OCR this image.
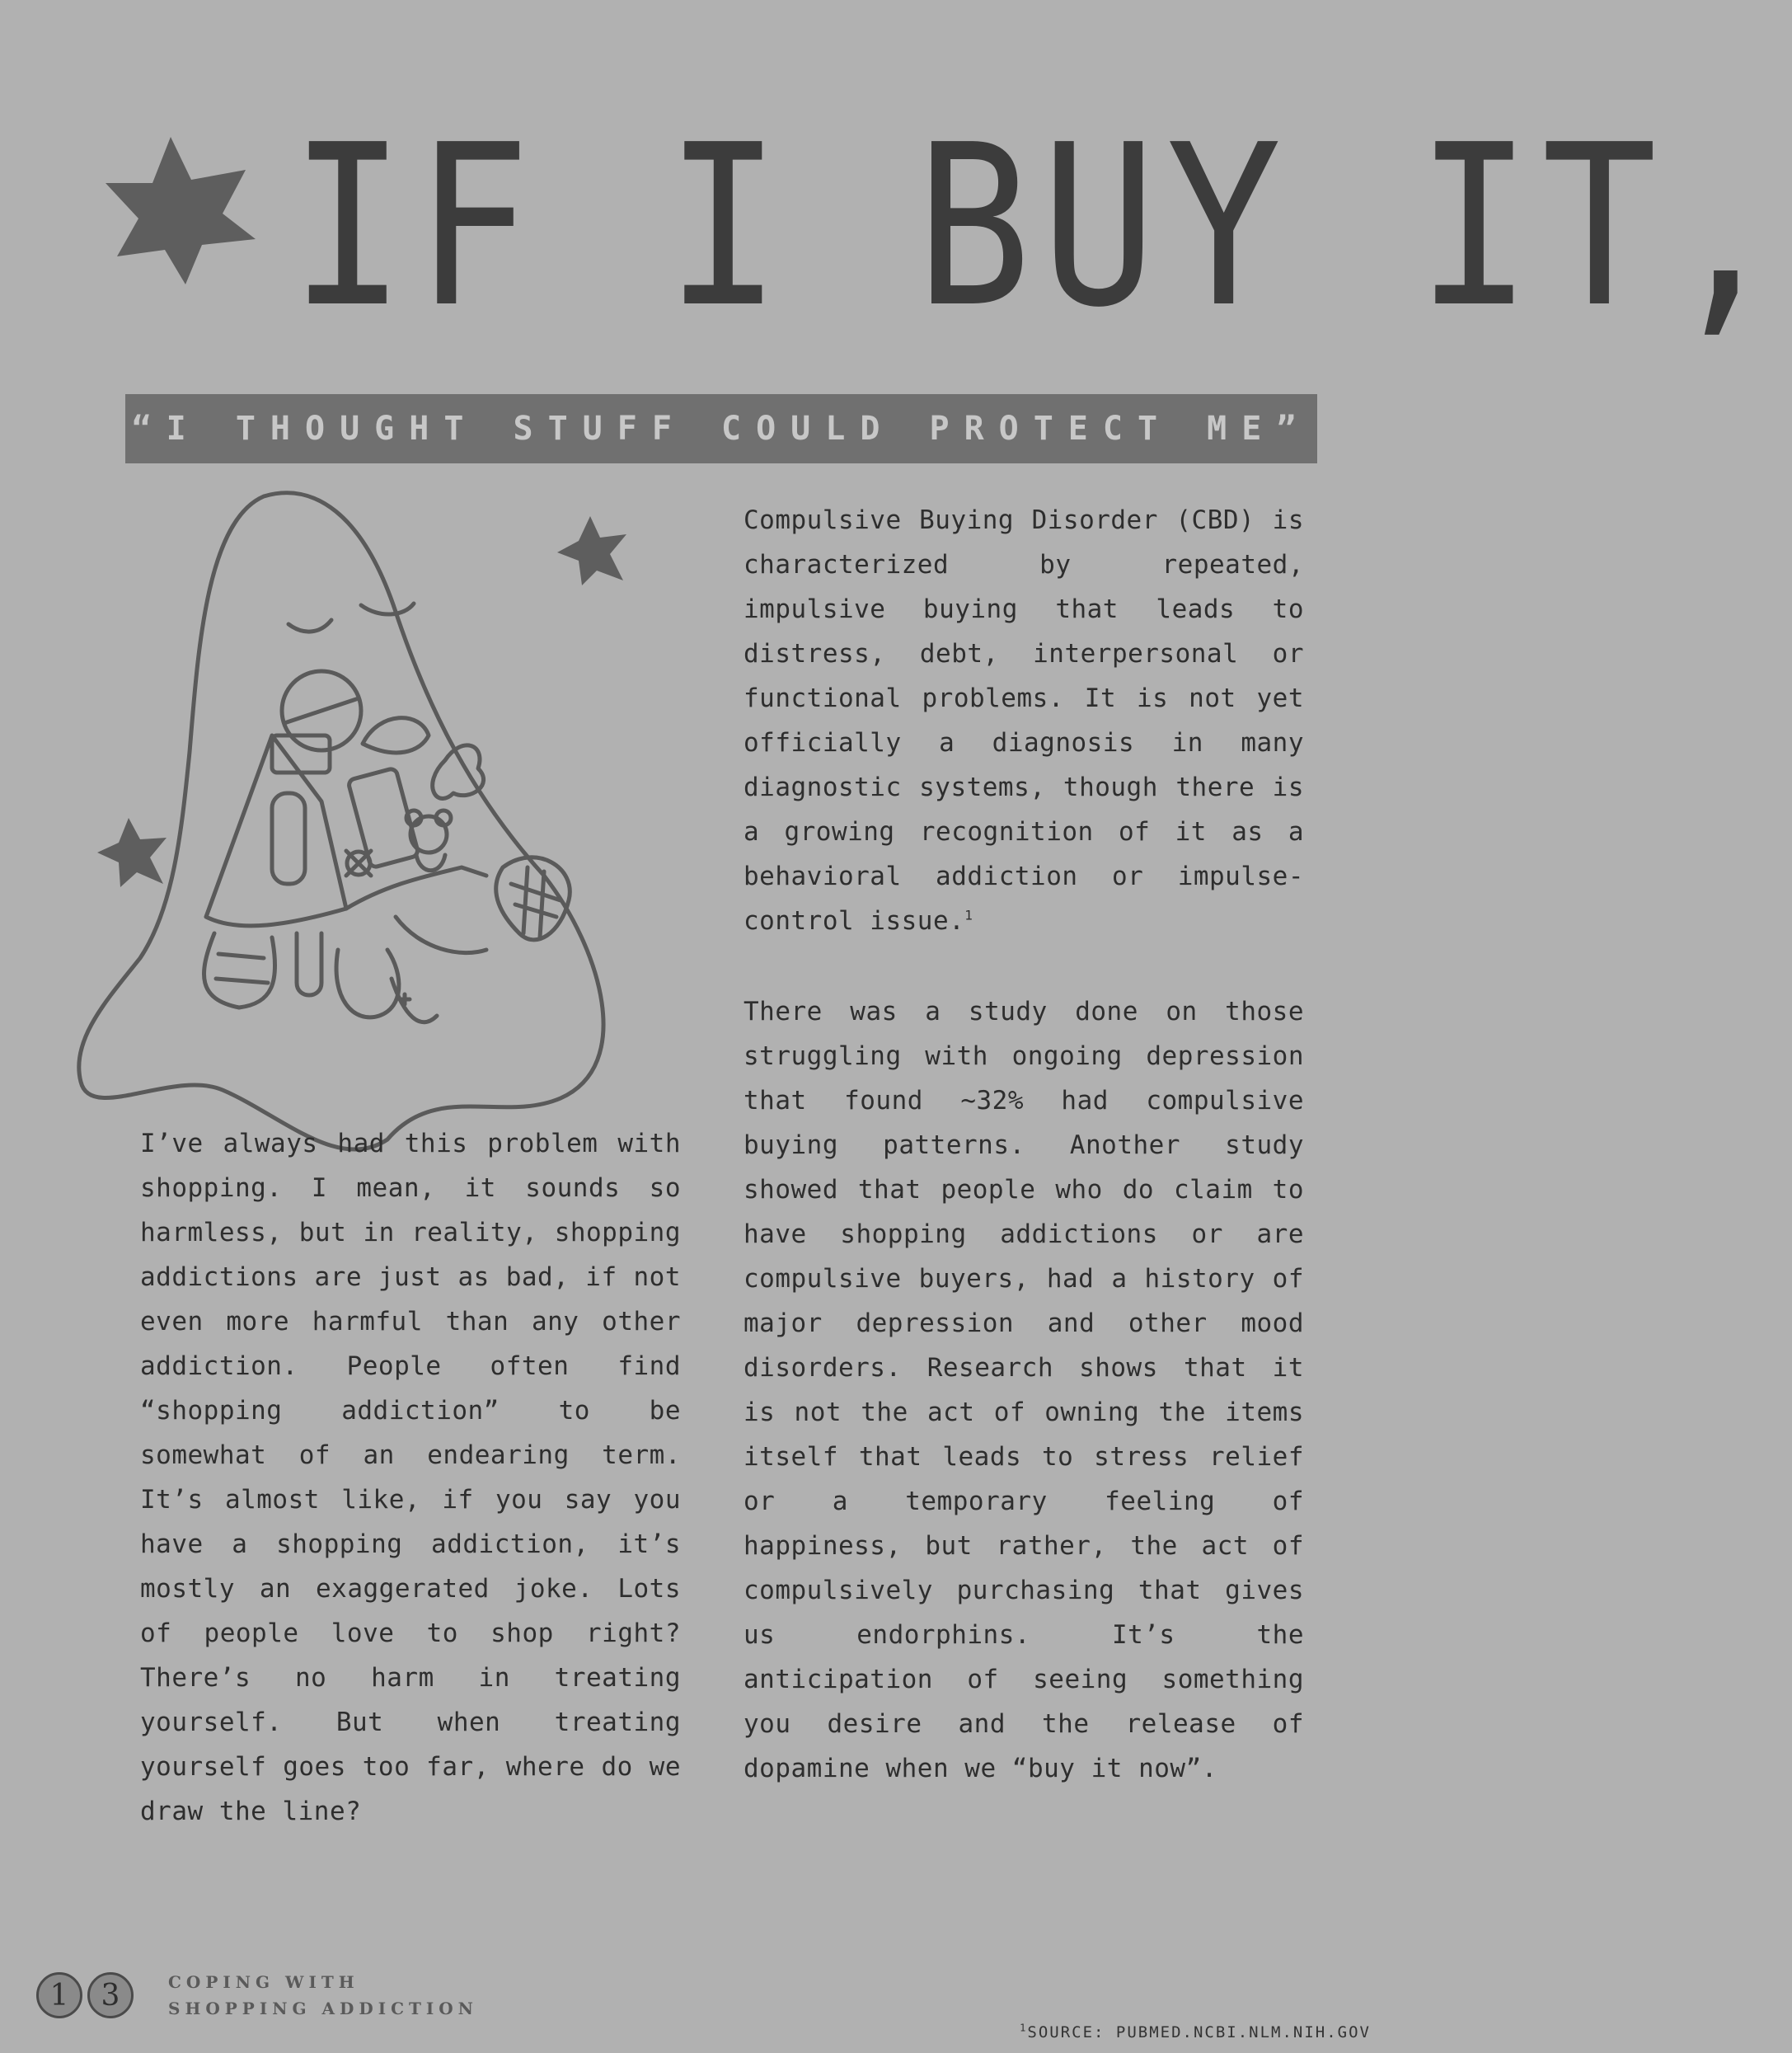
IF I BUY IT,
“I THOUGHT STUFF COULD PROTECT ME”

I’ve always had this problem with shopping. I mean, it sounds so harmless, but in reality, shopping addictions are just as bad, if not even more harmful than any other addiction. People often find “shopping addiction” to be somewhat of an endearing term. It’s almost like, if you say you have a shopping addiction, it’s mostly an exaggerated joke. Lots of people love to shop right? There’s no harm in treating yourself. But when treating yourself goes too far, where do we draw the line?

Compulsive Buying Disorder (CBD) is characterized by repeated, impulsive buying that leads to distress, debt, interpersonal or functional problems. It is not yet officially a diagnosis in many diagnostic systems, though there is a growing recognition of it as a behavioral addiction or impulse-control issue.$^1$

There was a study done on those struggling with ongoing depression that found ~32% had compulsive buying patterns. Another study showed that people who do claim to have shopping addictions or are compulsive buyers, had a history of major depression and other mood disorders. Research shows that it is not the act of owning the items itself that leads to stress relief or a temporary feeling of happiness, but rather, the act of compulsively purchasing that gives us endorphins. It’s the anticipation of seeing something you desire and the release of dopamine when we “buy it now”.

1	3	COPING WITH
SHOPPING ADDICTION
$^1$SOURCE: PUBMED.NCBI.NLM.NIH.GOV
